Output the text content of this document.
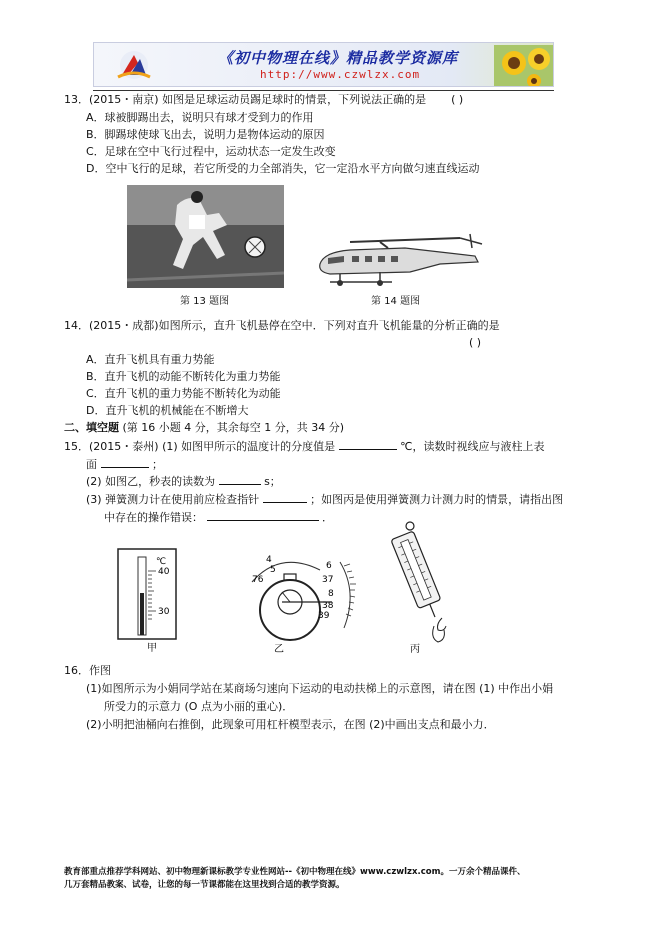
《初中物理在线》精品教学资源库
http://www.czwlzx.com
13．(2015・南京) 如图是足球运动员踢足球时的情景，下列说法正确的是 ( )
A．球被脚踢出去，说明只有球才受到力的作用
B．脚踢球使球飞出去，说明力是物体运动的原因
C．足球在空中飞行过程中，运动状态一定发生改变
D．空中飞行的足球，若它所受的力全部消失，它一定沿水平方向做匀速直线运动
第 13 题图	第 14 题图
14．(2015・成都)如图所示，直升飞机悬停在空中．下列对直升飞机能量的分析正确的是
( )
A．直升飞机具有重力势能
B．直升飞机的动能不断转化为重力势能
C．直升飞机的重力势能不断转化为动能
D．直升飞机的机械能在不断增大
二、填空题 (第 16 小题 4 分，其余每空 1 分，共 34 分)
15．(2015・泰州) (1) 如图甲所示的温度计的分度值是	℃，读数时视线应与液柱上表
面	；
(2) 如图乙，秒表的读数为	s；
(3) 弹簧测力计在使用前应检查指针	；如图丙是使用弹簧测力计测力时的情景，请指出图
中存在的操作错误：	．
℃
40
30
甲
4
5
76
6
37
8
38
39
乙	丙
16．作图
(1)如图所示为小娟同学站在某商场匀速向下运动的电动扶梯上的示意图，请在图 (1) 中作出小娟
所受力的示意力 (O 点为小丽的重心)．
(2)小明把油桶向右推倒，此现象可用杠杆模型表示，在图 (2)中画出支点和最小力．
教育部重点推荐学科网站、初中物理新课标教学专业性网站--《初中物理在线》www.czwlzx.com。一万余个精品课件、
几万套精品教案、试卷，让您的每一节课都能在这里找到合适的教学资源。
